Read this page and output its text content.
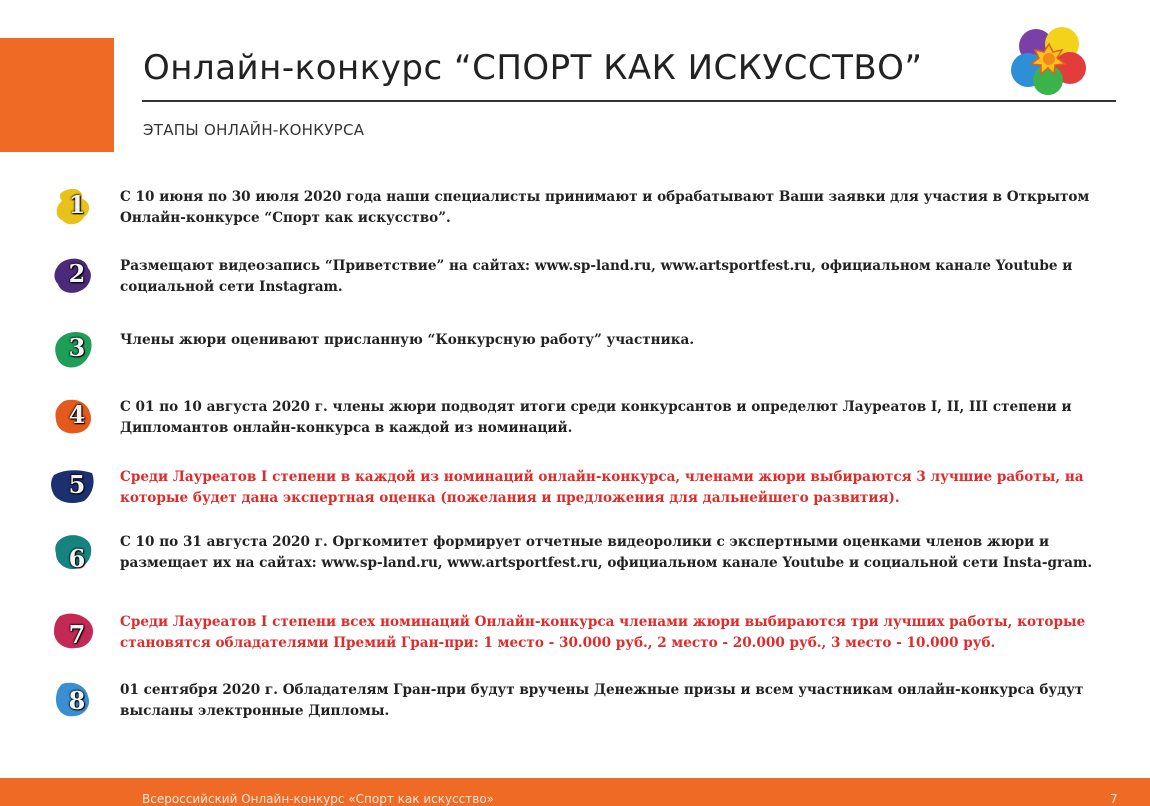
Онлайн-конкурс “СПОРТ КАК ИСКУССТВО”
ЭТАПЫ ОНЛАЙН-КОНКУРСА
1	С 10 июня по 30 июля 2020 года наши специалисты принимают и обрабатывают Ваши заявки для участия в Открытом Онлайн-конкурсе “Спорт как искусство”.
2	Размещают видеозапись “Приветствие” на сайтах: www.sp-land.ru, www.artsportfest.ru, официальном канале Youtube и социальной сети Instagram.
3	Члены жюри оценивают присланную “Конкурсную работу” участника.
4	С 01 по 10 августа 2020 г. члены жюри подводят итоги среди конкурсантов и определют Лауреатов I, II, III степени и Дипломантов онлайн-конкурса в каждой из номинаций.
5	Среди Лауреатов I степени в каждой из номинаций онлайн-конкурса, членами жюри выбираются 3 лучшие работы, на которые будет дана экспертная оценка (пожелания и предложения для дальнейшего развития).
6
С 10 по 31 августа 2020 г. Оргкомитет формирует отчетные видеоролики с экспертными оценками членов жюри и размещает их на сайтах: www.sp-land.ru, www.artsportfest.ru, официальном канале Youtube и социальной сети Insta-gram.
7	Среди Лауреатов I степени всех номинаций Онлайн-конкурса членами жюри выбираются три лучших работы, которые становятся обладателями Премий Гран-при: 1 место - 30.000 руб., 2 место - 20.000 руб., 3 место - 10.000 руб.
8	01 сентября 2020 г. Обладателям Гран-при будут вручены Денежные призы и всем участникам онлайн-конкурса будут высланы электронные Дипломы.
Всероссийский Онлайн-конкурс «Спорт как искусство»	7
